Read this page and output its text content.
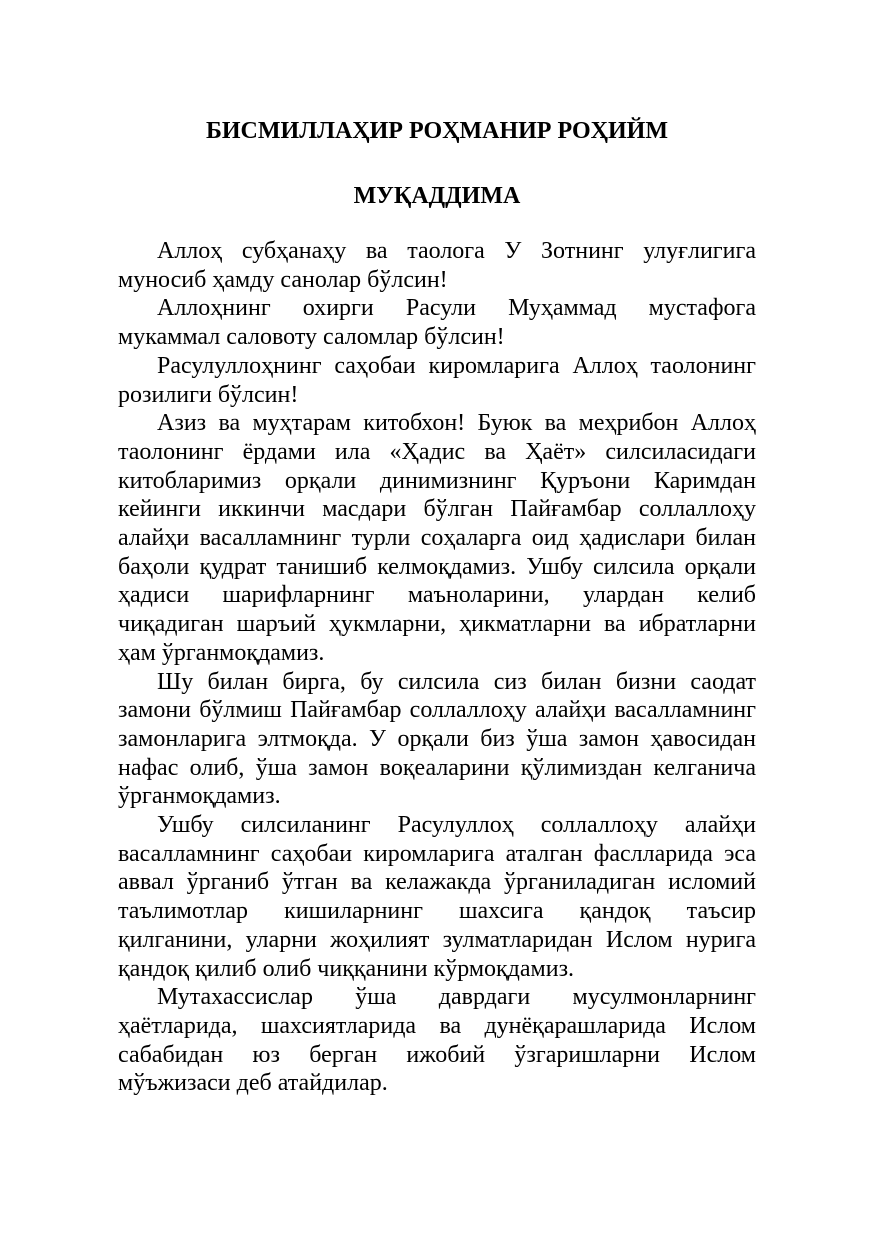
БИСМИЛЛАҲИР РОҲМАНИР РОҲИЙМ
МУҚАДДИМА

Аллоҳ субҳанаҳу ва таолога У Зотнинг улуғлигига муносиб ҳамду санолар бўлсин!

Аллоҳнинг охирги Расули Муҳаммад мустафога мукаммал саловоту саломлар бўлсин!

Расулуллоҳнинг саҳобаи киромларига Аллоҳ таолонинг розилиги бўлсин!

Азиз ва муҳтарам китобхон! Буюк ва меҳрибон Аллоҳ таолонинг ёрдами ила «Ҳадис ва Ҳаёт» силсиласидаги китобларимиз орқали динимизнинг Қуръони Каримдан кейинги иккинчи масдари бўлган Пайғамбар соллаллоҳу алайҳи васалламнинг турли соҳаларга оид ҳадислари билан баҳоли қудрат танишиб келмоқдамиз. Ушбу силсила орқали ҳадиси шарифларнинг маъноларини, улардан келиб чиқадиган шаръий ҳукмларни, ҳикматларни ва ибратларни ҳам ўрганмоқдамиз.

Шу билан бирга, бу силсила сиз билан бизни саодат замони бўлмиш Пайғамбар соллаллоҳу алайҳи васалламнинг замонларига элтмоқда. У орқали биз ўша замон ҳавосидан нафас олиб, ўша замон воқеаларини қўлимиздан келганича ўрганмоқдамиз.

Ушбу силсиланинг Расулуллоҳ соллаллоҳу алайҳи васалламнинг саҳобаи киромларига аталган фаслларида эса аввал ўрганиб ўтган ва келажакда ўрганиладиган исломий таълимотлар кишиларнинг шахсига қандоқ таъсир қилганини, уларни жоҳилият зулматларидан Ислом нурига қандоқ қилиб олиб чиққанини кўрмоқдамиз.

Мутахассислар ўша даврдаги мусулмонларнинг ҳаётларида, шахсиятларида ва дунёқарашларида Ислом сабабидан юз берган ижобий ўзгаришларни Ислом мўъжизаси деб атайдилар.
